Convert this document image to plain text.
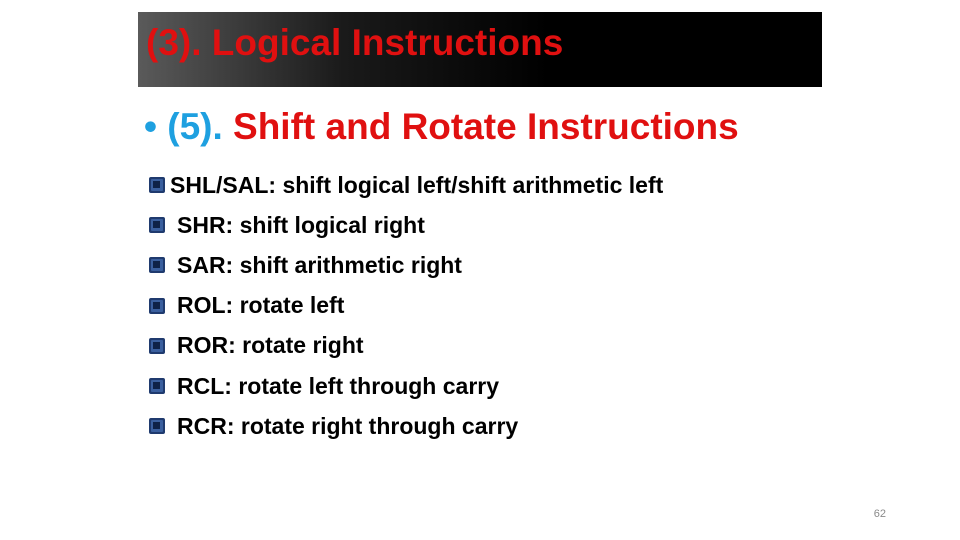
(3). Logical Instructions
• (5). Shift and Rotate Instructions
SHL/SAL: shift logical left/shift arithmetic left
SHR: shift logical right
SAR: shift arithmetic right
ROL: rotate left
ROR: rotate right
RCL: rotate left through carry
RCR: rotate right through carry
62
